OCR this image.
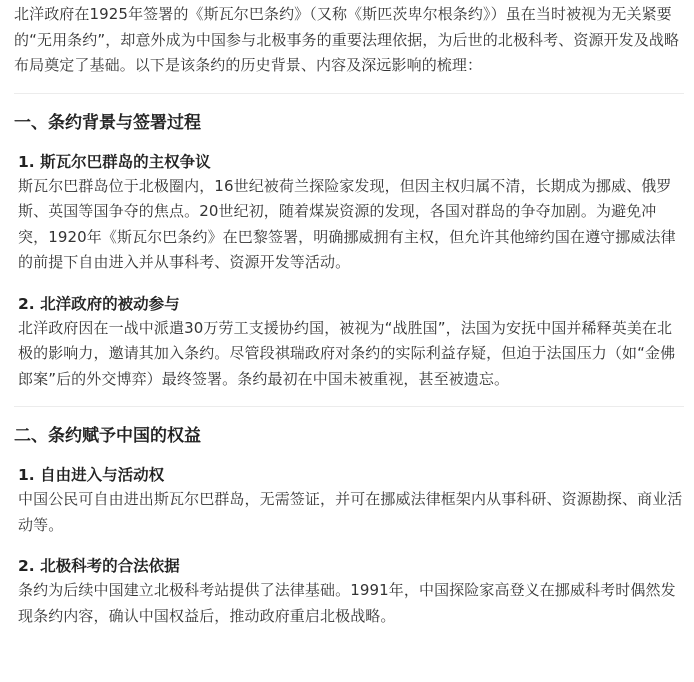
北洋政府在1925年签署的《斯瓦尔巴条约》（又称《斯匹茨卑尔根条约》）虽在当时被视为无关紧要的“无用条约”，却意外成为中国参与北极事务的重要法理依据，为后世的北极科考、资源开发及战略布局奠定了基础。以下是该条约的历史背景、内容及深远影响的梳理：

一、条约背景与签署过程
1. 斯瓦尔巴群岛的主权争议

斯瓦尔巴群岛位于北极圈内，16世纪被荷兰探险家发现，但因主权归属不清，长期成为挪威、俄罗斯、英国等国争夺的焦点。20世纪初，随着煤炭资源的发现，各国对群岛的争夺加剧。为避免冲突，1920年《斯瓦尔巴条约》在巴黎签署，明确挪威拥有主权，但允许其他缔约国在遵守挪威法律的前提下自由进入并从事科考、资源开发等活动。

2. 北洋政府的被动参与

北洋政府因在一战中派遣30万劳工支援协约国，被视为“战胜国”，法国为安抚中国并稀释英美在北极的影响力，邀请其加入条约。尽管段祺瑞政府对条约的实际利益存疑，但迫于法国压力（如“金佛郎案”后的外交博弈）最终签署。条约最初在中国未被重视，甚至被遗忘。

二、条约赋予中国的权益
1. 自由进入与活动权

中国公民可自由进出斯瓦尔巴群岛，无需签证，并可在挪威法律框架内从事科研、资源勘探、商业活动等。

2. 北极科考的合法依据

条约为后续中国建立北极科考站提供了法律基础。1991年，中国探险家高登义在挪威科考时偶然发现条约内容，确认中国权益后，推动政府重启北极战略。
